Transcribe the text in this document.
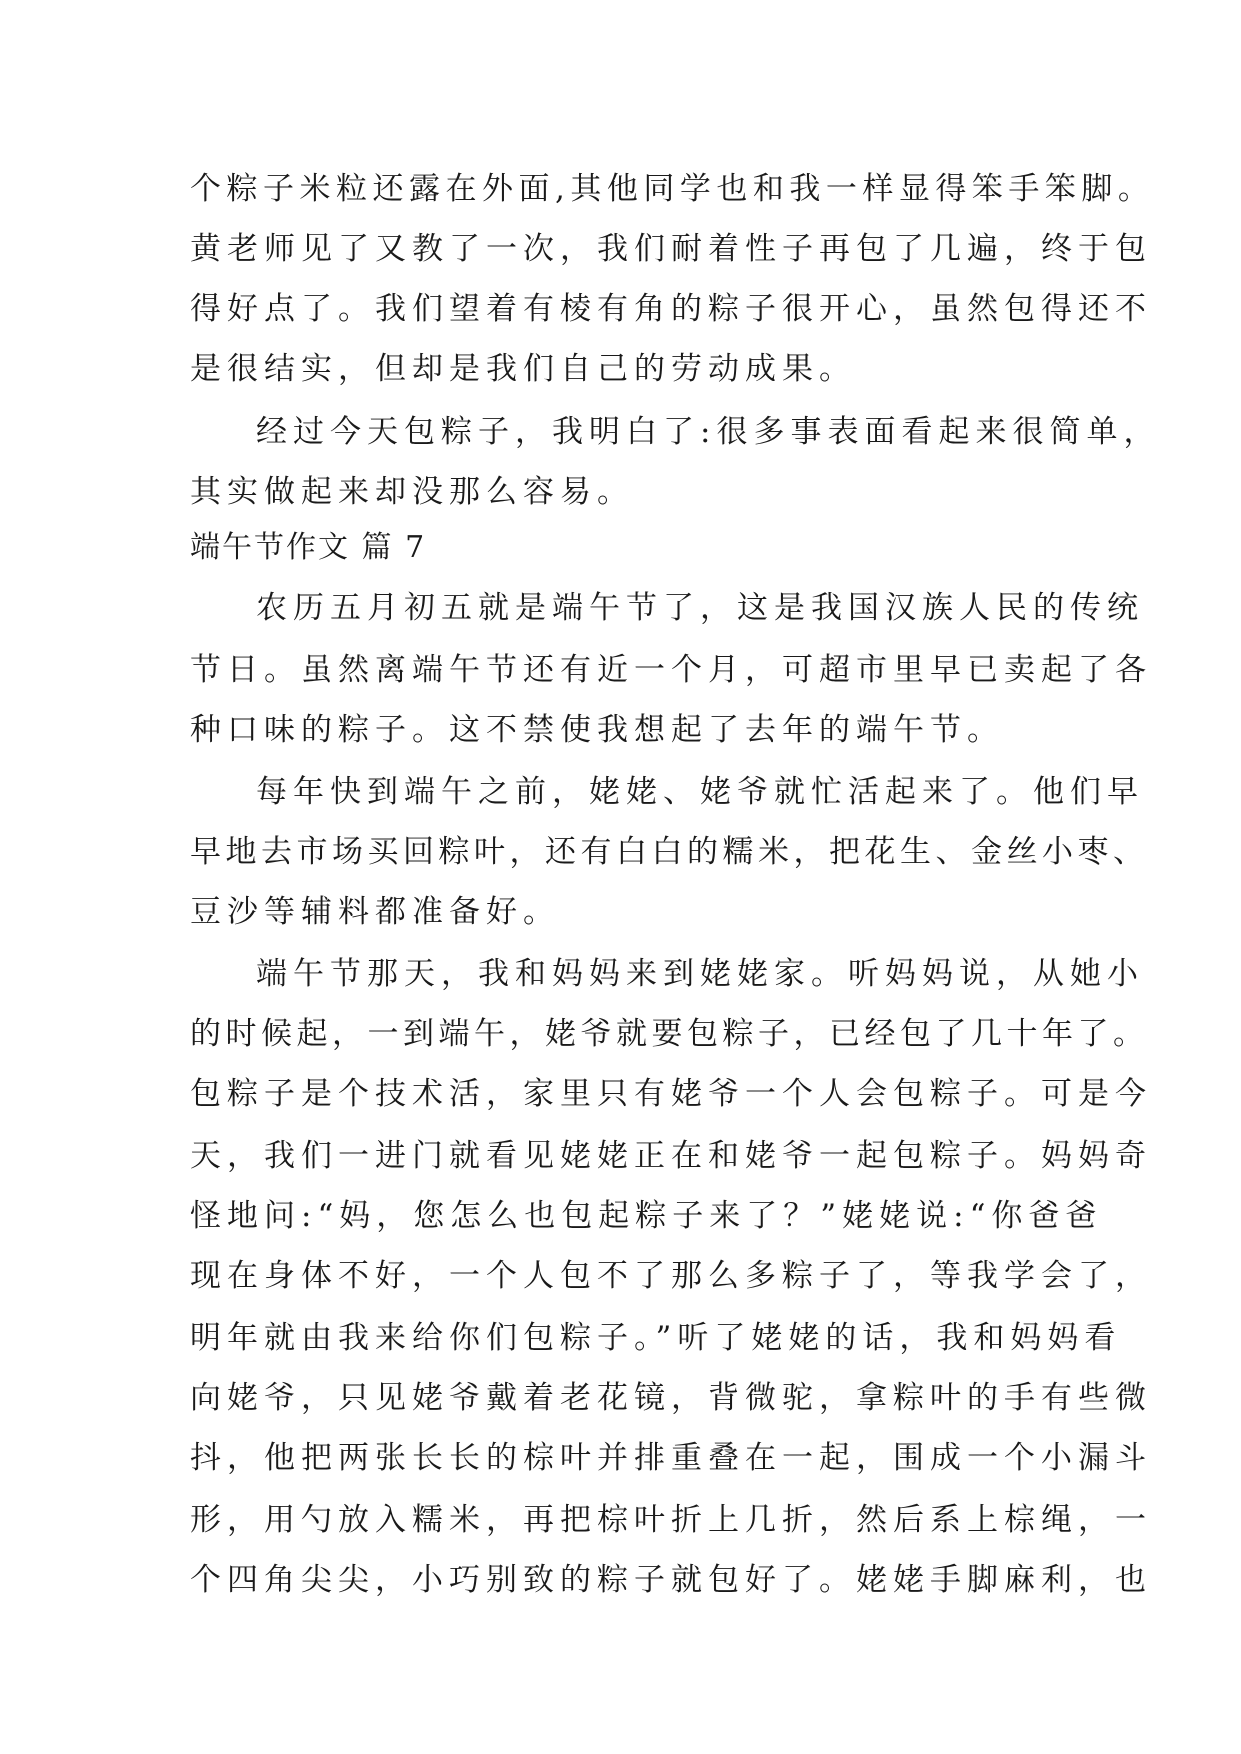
个粽子米粒还露在外面,其他同学也和我一样显得笨手笨脚。
黄老师见了又教了一次，我们耐着性子再包了几遍，终于包
得好点了。我们望着有棱有角的粽子很开心，虽然包得还不
是很结实，但却是我们自己的劳动成果。
经过今天包粽子，我明白了:很多事表面看起来很简单，
其实做起来却没那么容易。
端午节作文 篇 7
农历五月初五就是端午节了，这是我国汉族人民的传统
节日。虽然离端午节还有近一个月，可超市里早已卖起了各
种口味的粽子。这不禁使我想起了去年的端午节。
每年快到端午之前，姥姥、姥爷就忙活起来了。他们早
早地去市场买回粽叶，还有白白的糯米，把花生、金丝小枣、
豆沙等辅料都准备好。
端午节那天，我和妈妈来到姥姥家。听妈妈说，从她小
的时候起，一到端午，姥爷就要包粽子，已经包了几十年了。
包粽子是个技术活，家里只有姥爷一个人会包粽子。可是今
天，我们一进门就看见姥姥正在和姥爷一起包粽子。妈妈奇
怪地问:“妈，您怎么也包起粽子来了？”姥姥说:“你爸爸
现在身体不好，一个人包不了那么多粽子了，等我学会了，
明年就由我来给你们包粽子。”听了姥姥的话，我和妈妈看
向姥爷，只见姥爷戴着老花镜，背微驼，拿粽叶的手有些微
抖，他把两张长长的棕叶并排重叠在一起，围成一个小漏斗
形，用勺放入糯米，再把棕叶折上几折，然后系上棕绳，一
个四角尖尖，小巧别致的粽子就包好了。姥姥手脚麻利，也
